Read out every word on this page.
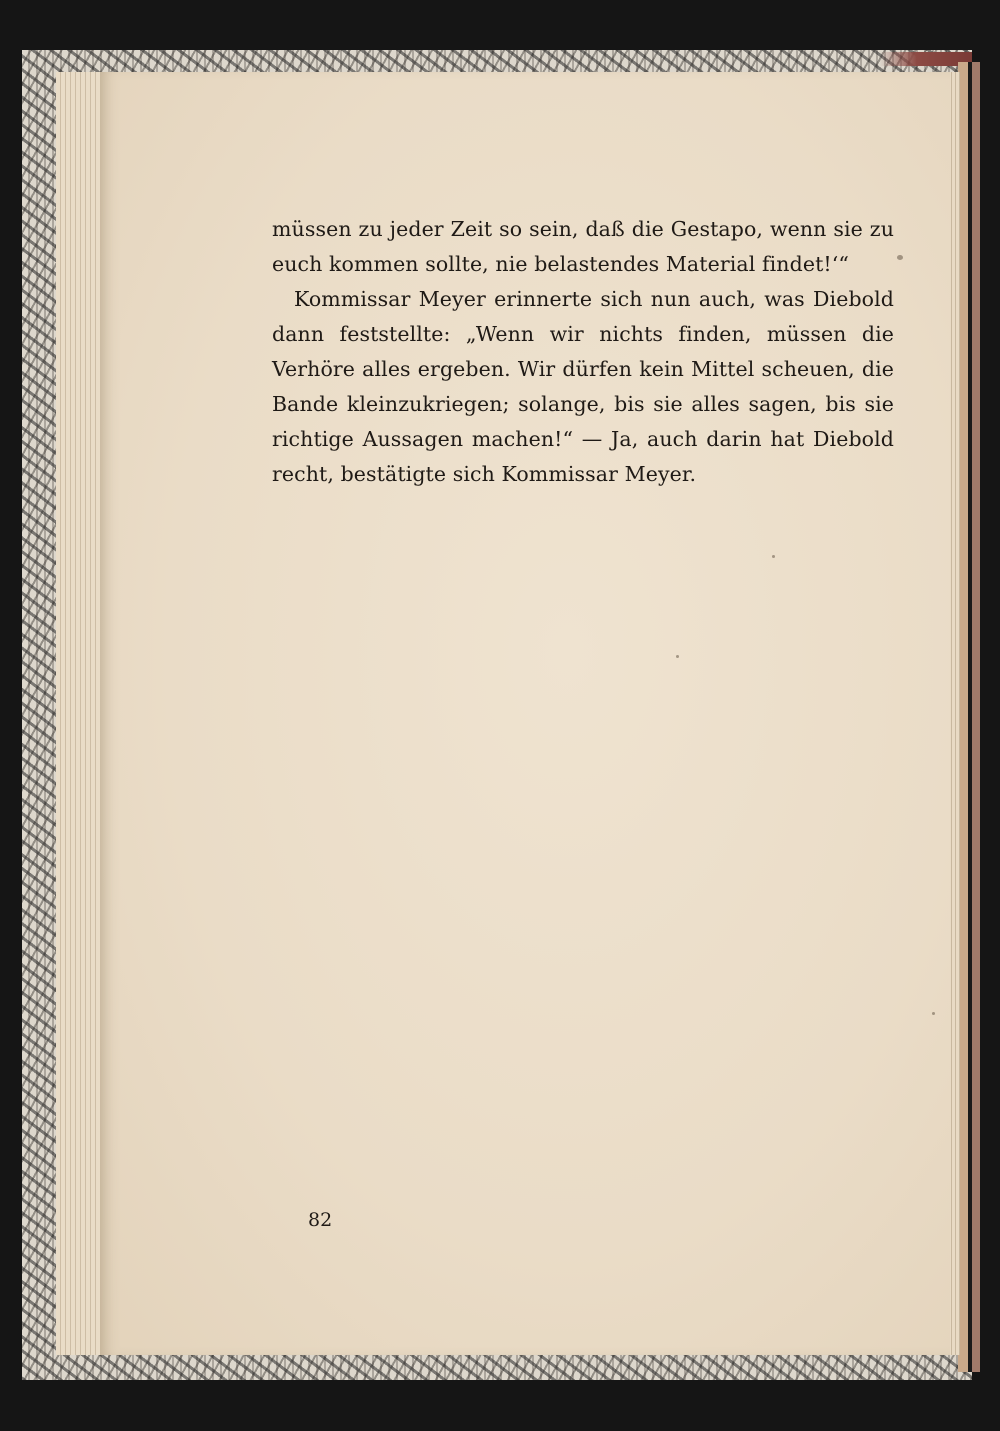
müssen zu jeder Zeit so sein, daß die Gestapo, wenn sie zu euch kommen sollte, nie belastendes Material findet!‘“

Kommissar Meyer erinnerte sich nun auch, was Diebold dann feststellte: „Wenn wir nichts finden, müssen die Verhöre alles ergeben. Wir dürfen kein Mittel scheuen, die Bande kleinzukriegen; solange, bis sie alles sagen, bis sie richtige Aussagen machen!“ — Ja, auch darin hat Diebold recht, bestätigte sich Kommissar Meyer.

82
